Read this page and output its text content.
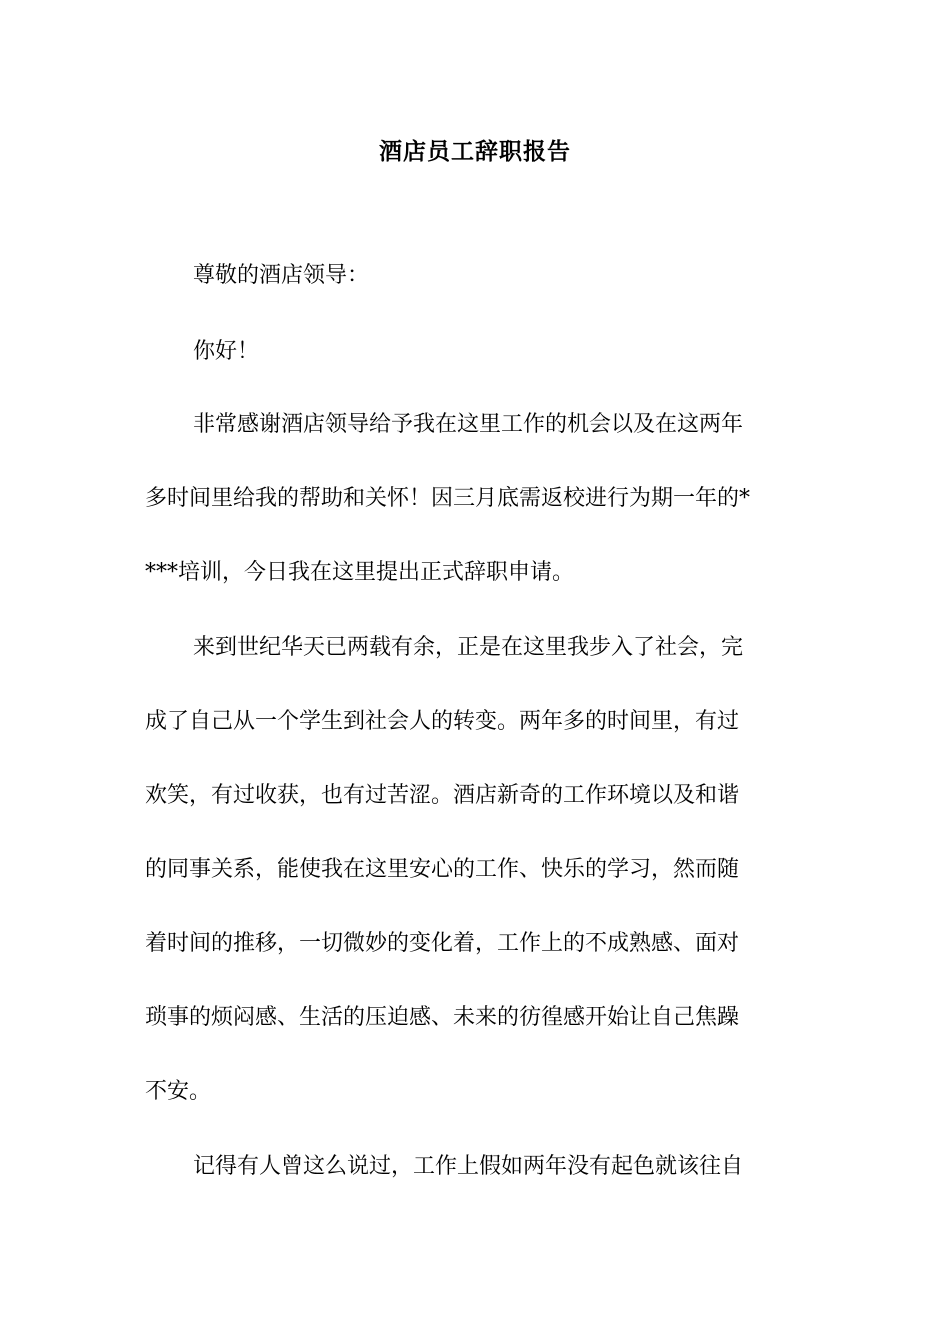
酒店员工辞职报告
尊敬的酒店领导：
你好！
非常感谢酒店领导给予我在这里工作的机会以及在这两年
多时间里给我的帮助和关怀！因三月底需返校进行为期一年的*
***培训，今日我在这里提出正式辞职申请。
来到世纪华天已两载有余，正是在这里我步入了社会，完
成了自己从一个学生到社会人的转变。两年多的时间里，有过
欢笑，有过收获，也有过苦涩。酒店新奇的工作环境以及和谐
的同事关系，能使我在这里安心的工作、快乐的学习，然而随
着时间的推移，一切微妙的变化着，工作上的不成熟感、面对
琐事的烦闷感、生活的压迫感、未来的彷徨感开始让自己焦躁
不安。
记得有人曾这么说过，工作上假如两年没有起色就该往自
